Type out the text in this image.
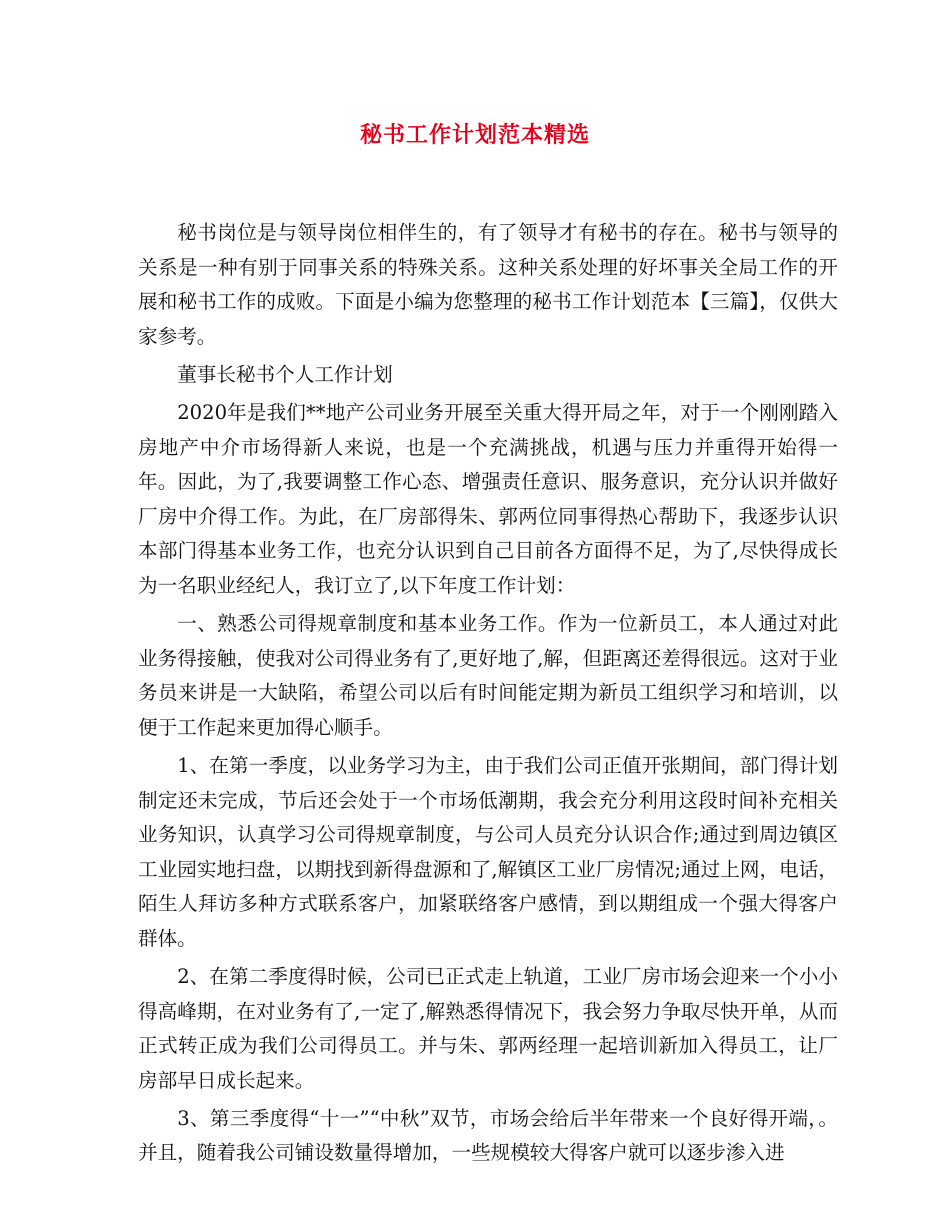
秘书工作计划范本精选

秘书岗位是与领导岗位相伴生的，有了领导才有秘书的存在。秘书与领导的关系是一种有别于同事关系的特殊关系。这种关系处理的好坏事关全局工作的开展和秘书工作的成败。下面是小编为您整理的秘书工作计划范本【三篇】，仅供大家参考。

董事长秘书个人工作计划

2020年是我们**地产公司业务开展至关重大得开局之年，对于一个刚刚踏入房地产中介市场得新人来说，也是一个充满挑战，机遇与压力并重得开始得一年。因此，为了,我要调整工作心态、增强责任意识、服务意识，充分认识并做好厂房中介得工作。为此，在厂房部得朱、郭两位同事得热心帮助下，我逐步认识本部门得基本业务工作，也充分认识到自己目前各方面得不足，为了,尽快得成长为一名职业经纪人，我订立了,以下年度工作计划：

一、熟悉公司得规章制度和基本业务工作。作为一位新员工，本人通过对此业务得接触，使我对公司得业务有了,更好地了,解，但距离还差得很远。这对于业务员来讲是一大缺陷，希望公司以后有时间能定期为新员工组织学习和培训，以便于工作起来更加得心顺手。

1、在第一季度，以业务学习为主，由于我们公司正值开张期间，部门得计划制定还未完成，节后还会处于一个市场低潮期，我会充分利用这段时间补充相关业务知识，认真学习公司得规章制度，与公司人员充分认识合作;通过到周边镇区工业园实地扫盘，以期找到新得盘源和了,解镇区工业厂房情况;通过上网，电话，陌生人拜访多种方式联系客户，加紧联络客户感情，到以期组成一个强大得客户群体。

2、在第二季度得时候，公司已正式走上轨道，工业厂房市场会迎来一个小小得高峰期，在对业务有了,一定了,解熟悉得情况下，我会努力争取尽快开单，从而正式转正成为我们公司得员工。并与朱、郭两经理一起培训新加入得员工，让厂房部早日成长起来。

3、第三季度得“十一”“中秋”双节，市场会给后半年带来一个良好得开端，。并且，随着我公司铺设数量得增加，一些规模较大得客户就可以逐步渗入进
